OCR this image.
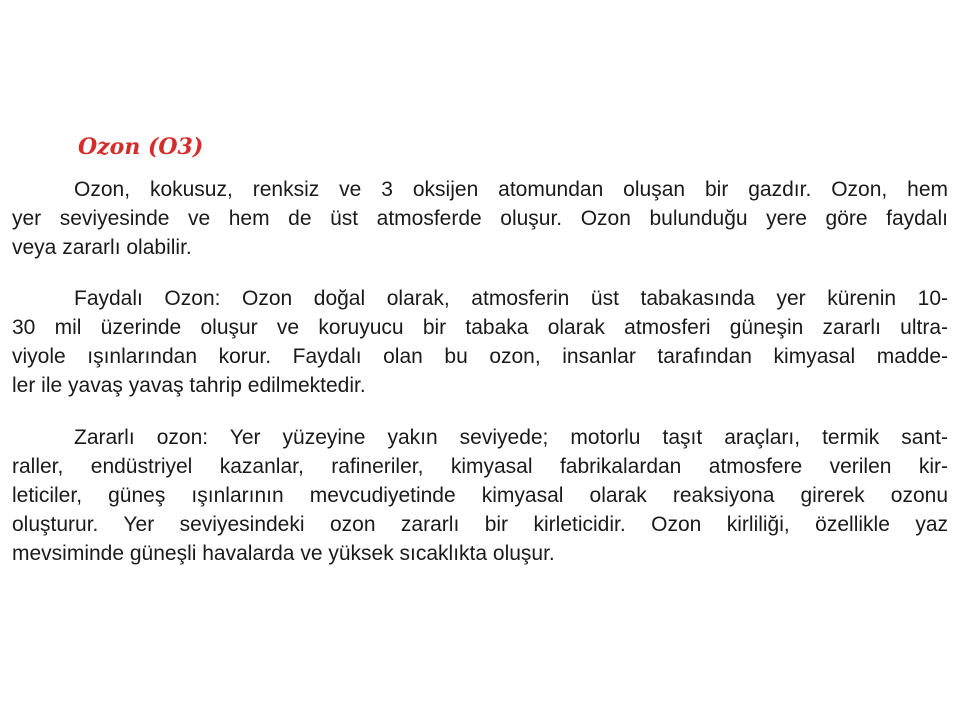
Ozon (O3)
Ozon, kokusuz, renksiz ve 3 oksijen atomundan oluşan bir gazdır. Ozon, hem
yer seviyesinde ve hem de üst atmosferde oluşur. Ozon bulunduğu yere göre faydalı
veya zararlı olabilir.
Faydalı Ozon: Ozon doğal olarak, atmosferin üst tabakasında yer kürenin 10-
30 mil üzerinde oluşur ve koruyucu bir tabaka olarak atmosferi güneşin zararlı ultra-
viyole ışınlarından korur. Faydalı olan bu ozon, insanlar tarafından kimyasal madde-
ler ile yavaş yavaş tahrip edilmektedir.
Zararlı ozon: Yer yüzeyine yakın seviyede; motorlu taşıt araçları, termik sant-
raller, endüstriyel kazanlar, rafineriler, kimyasal fabrikalardan atmosfere verilen kir-
leticiler, güneş ışınlarının mevcudiyetinde kimyasal olarak reaksiyona girerek ozonu
oluşturur. Yer seviyesindeki ozon zararlı bir kirleticidir. Ozon kirliliği, özellikle yaz
mevsiminde güneşli havalarda ve yüksek sıcaklıkta oluşur.
